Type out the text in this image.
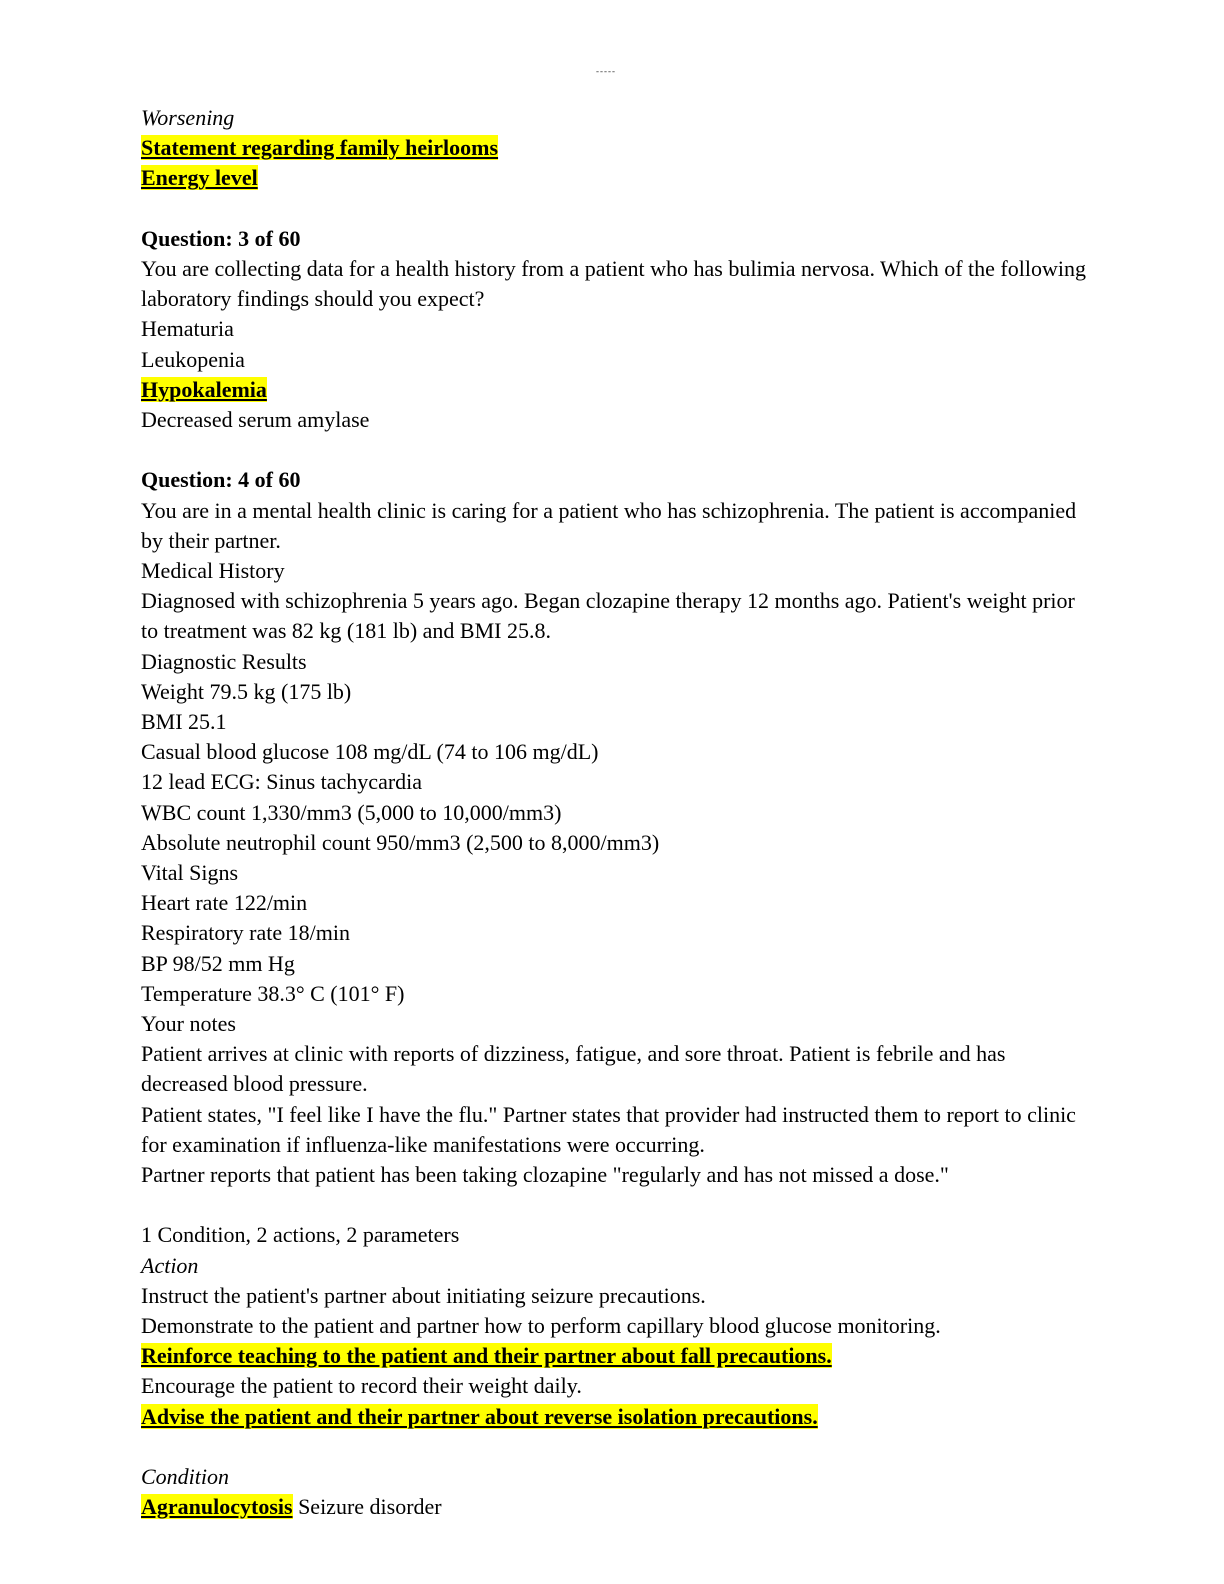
-----
Worsening
Statement regarding family heirlooms
Energy level
Question: 3 of 60
You are collecting data for a health history from a patient who has bulimia nervosa. Which of the following laboratory findings should you expect?
Hematuria
Leukopenia
Hypokalemia
Decreased serum amylase
Question: 4 of 60
You are in a mental health clinic is caring for a patient who has schizophrenia. The patient is accompanied by their partner.
Medical History
Diagnosed with schizophrenia 5 years ago. Began clozapine therapy 12 months ago. Patient's weight prior to treatment was 82 kg (181 lb) and BMI 25.8.
Diagnostic Results
Weight 79.5 kg (175 lb)
BMI 25.1
Casual blood glucose 108 mg/dL (74 to 106 mg/dL)
12 lead ECG: Sinus tachycardia
WBC count 1,330/mm3 (5,000 to 10,000/mm3)
Absolute neutrophil count 950/mm3 (2,500 to 8,000/mm3)
Vital Signs
Heart rate 122/min
Respiratory rate 18/min
BP 98/52 mm Hg
Temperature 38.3° C (101° F)
Your notes
Patient arrives at clinic with reports of dizziness, fatigue, and sore throat. Patient is febrile and has decreased blood pressure.
Patient states, "I feel like I have the flu." Partner states that provider had instructed them to report to clinic for examination if influenza-like manifestations were occurring.
Partner reports that patient has been taking clozapine "regularly and has not missed a dose."
1 Condition, 2 actions, 2 parameters
Action
Instruct the patient's partner about initiating seizure precautions.
Demonstrate to the patient and partner how to perform capillary blood glucose monitoring.
Reinforce teaching to the patient and their partner about fall precautions.
Encourage the patient to record their weight daily.
Advise the patient and their partner about reverse isolation precautions.
Condition
Agranulocytosis Seizure disorder
